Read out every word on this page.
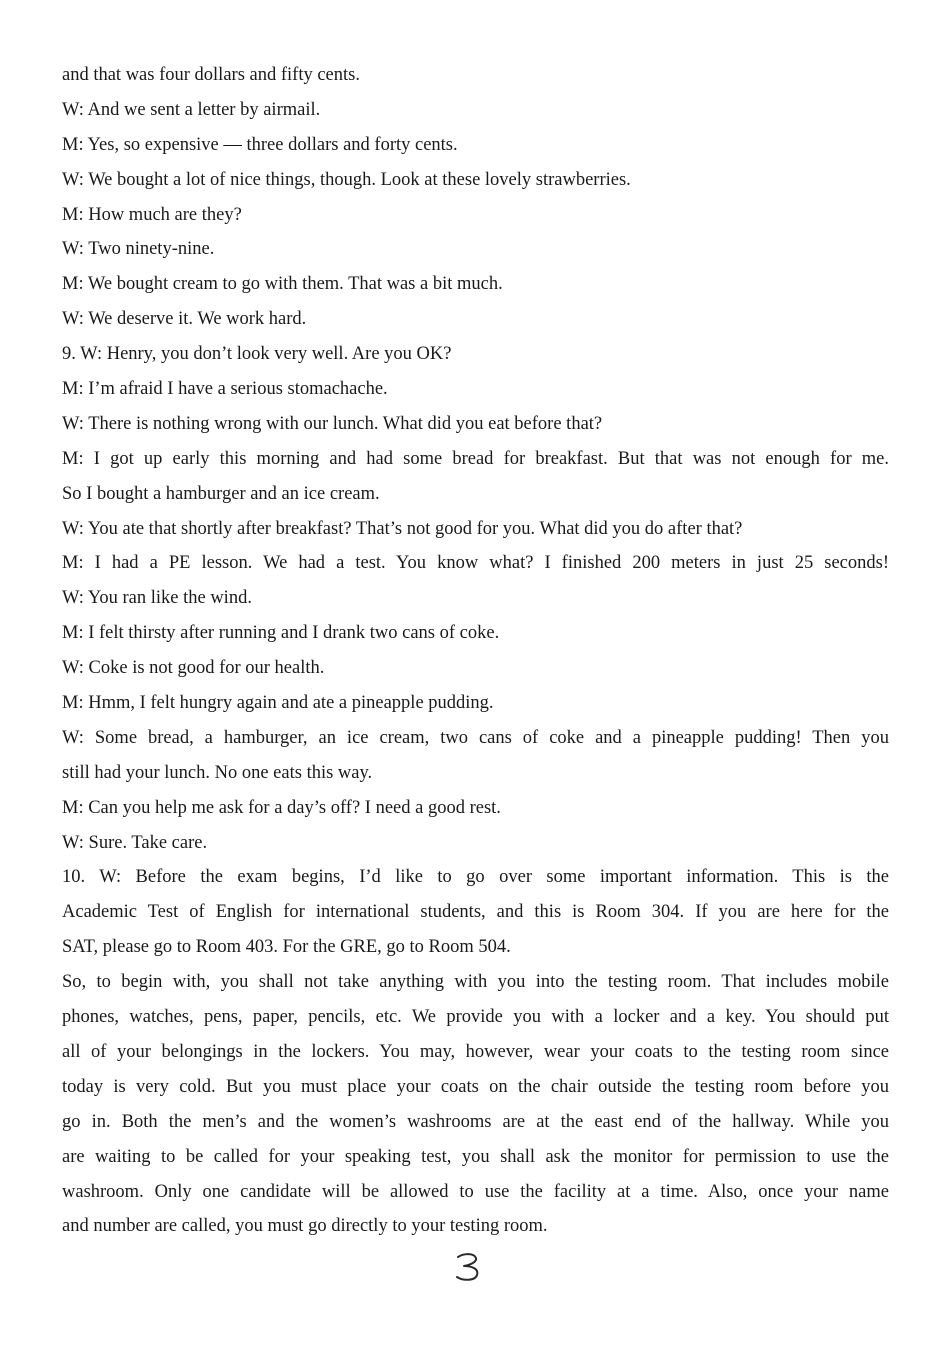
and that was four dollars and fifty cents.
W: And we sent a letter by airmail.
M: Yes, so expensive — three dollars and forty cents.
W: We bought a lot of nice things, though. Look at these lovely strawberries.
M: How much are they?
W: Two ninety-nine.
M: We bought cream to go with them. That was a bit much.
W: We deserve it. We work hard.
9. W: Henry, you don’t look very well. Are you OK?
M: I’m afraid I have a serious stomachache.
W: There is nothing wrong with our lunch. What did you eat before that?
M: I got up early this morning and had some bread for breakfast. But that was not enough for me.
So I bought a hamburger and an ice cream.
W: You ate that shortly after breakfast? That’s not good for you. What did you do after that?
M: I had a PE lesson. We had a test. You know what? I finished 200 meters in just 25 seconds!
W: You ran like the wind.
M: I felt thirsty after running and I drank two cans of coke.
W: Coke is not good for our health.
M: Hmm, I felt hungry again and ate a pineapple pudding.
W: Some bread, a hamburger, an ice cream, two cans of coke and a pineapple pudding! Then you
still had your lunch. No one eats this way.
M: Can you help me ask for a day’s off? I need a good rest.
W: Sure. Take care.
10. W: Before the exam begins, I’d like to go over some important information. This is the
Academic Test of English for international students, and this is Room 304. If you are here for the
SAT, please go to Room 403. For the GRE, go to Room 504.
So, to begin with, you shall not take anything with you into the testing room. That includes mobile
phones, watches, pens, paper, pencils, etc. We provide you with a locker and a key. You should put
all of your belongings in the lockers. You may, however, wear your coats to the testing room since
today is very cold. But you must place your coats on the chair outside the testing room before you
go in. Both the men’s and the women’s washrooms are at the east end of the hallway. While you
are waiting to be called for your speaking test, you shall ask the monitor for permission to use the
washroom. Only one candidate will be allowed to use the facility at a time. Also, once your name
and number are called, you must go directly to your testing room.
